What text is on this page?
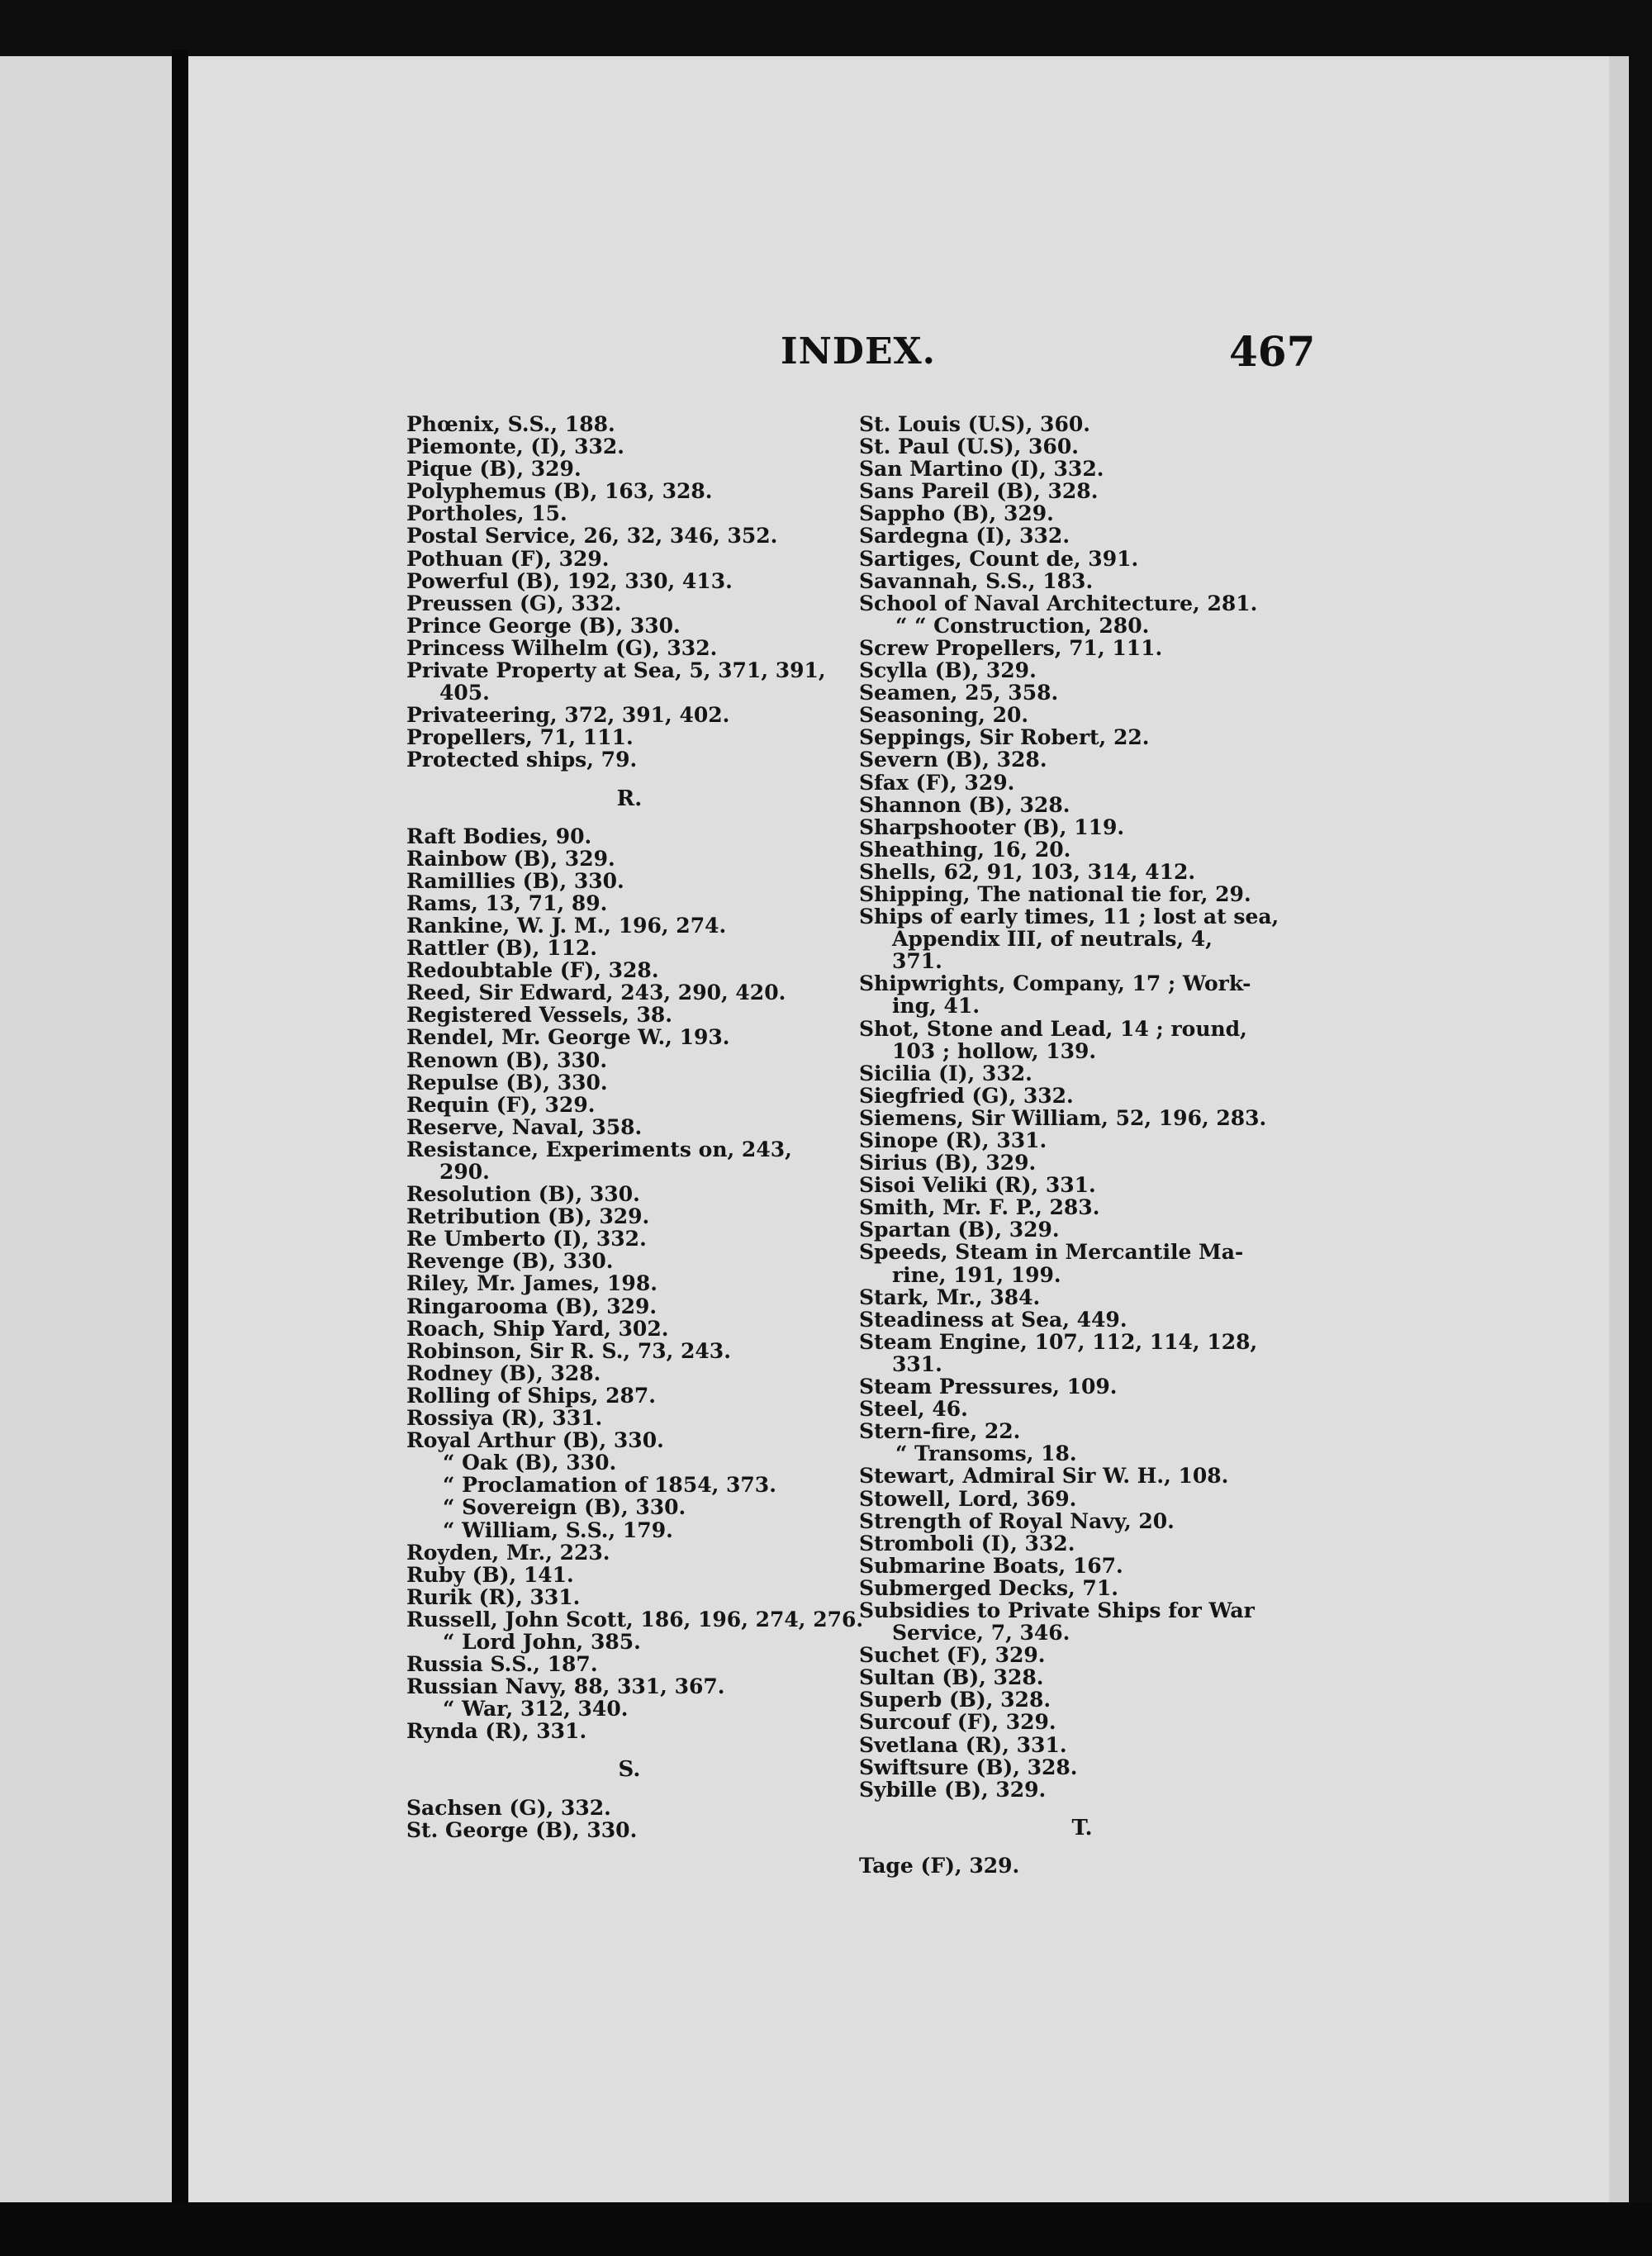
INDEX.	467
Phœnix, S.S., 188.
Piemonte, (I), 332.
Pique (B), 329.
Polyphemus (B), 163, 328.
Portholes, 15.
Postal Service, 26, 32, 346, 352.
Pothuan (F), 329.
Powerful (B), 192, 330, 413.
Preussen (G), 332.
Prince George (B), 330.
Princess Wilhelm (G), 332.
Private Property at Sea, 5, 371, 391,
405.
Privateering, 372, 391, 402.
Propellers, 71, 111.
Protected ships, 79.
R.
Raft Bodies, 90.
Rainbow (B), 329.
Ramillies (B), 330.
Rams, 13, 71, 89.
Rankine, W. J. M., 196, 274.
Rattler (B), 112.
Redoubtable (F), 328.
Reed, Sir Edward, 243, 290, 420.
Registered Vessels, 38.
Rendel, Mr. George W., 193.
Renown (B), 330.
Repulse (B), 330.
Requin (F), 329.
Reserve, Naval, 358.
Resistance, Experiments on, 243,
290.
Resolution (B), 330.
Retribution (B), 329.
Re Umberto (I), 332.
Revenge (B), 330.
Riley, Mr. James, 198.
Ringarooma (B), 329.
Roach, Ship Yard, 302.
Robinson, Sir R. S., 73, 243.
Rodney (B), 328.
Rolling of Ships, 287.
Rossiya (R), 331.
Royal Arthur (B), 330.
“ Oak (B), 330.
“ Proclamation of 1854, 373.
“ Sovereign (B), 330.
“ William, S.S., 179.
Royden, Mr., 223.
Ruby (B), 141.
Rurik (R), 331.
Russell, John Scott, 186, 196, 274, 276.
“ Lord John, 385.
Russia S.S., 187.
Russian Navy, 88, 331, 367.
“ War, 312, 340.
Rynda (R), 331.
S.
Sachsen (G), 332.
St. George (B), 330.
St. Louis (U.S), 360.
St. Paul (U.S), 360.
San Martino (I), 332.
Sans Pareil (B), 328.
Sappho (B), 329.
Sardegna (I), 332.
Sartiges, Count de, 391.
Savannah, S.S., 183.
School of Naval Architecture, 281.
“ “ Construction, 280.
Screw Propellers, 71, 111.
Scylla (B), 329.
Seamen, 25, 358.
Seasoning, 20.
Seppings, Sir Robert, 22.
Severn (B), 328.
Sfax (F), 329.
Shannon (B), 328.
Sharpshooter (B), 119.
Sheathing, 16, 20.
Shells, 62, 91, 103, 314, 412.
Shipping, The national tie for, 29.
Ships of early times, 11 ; lost at sea,
Appendix III, of neutrals, 4,
371.
Shipwrights, Company, 17 ; Work-
ing, 41.
Shot, Stone and Lead, 14 ; round,
103 ; hollow, 139.
Sicilia (I), 332.
Siegfried (G), 332.
Siemens, Sir William, 52, 196, 283.
Sinope (R), 331.
Sirius (B), 329.
Sisoi Veliki (R), 331.
Smith, Mr. F. P., 283.
Spartan (B), 329.
Speeds, Steam in Mercantile Ma-
rine, 191, 199.
Stark, Mr., 384.
Steadiness at Sea, 449.
Steam Engine, 107, 112, 114, 128,
331.
Steam Pressures, 109.
Steel, 46.
Stern-fire, 22.
“ Transoms, 18.
Stewart, Admiral Sir W. H., 108.
Stowell, Lord, 369.
Strength of Royal Navy, 20.
Stromboli (I), 332.
Submarine Boats, 167.
Submerged Decks, 71.
Subsidies to Private Ships for War
Service, 7, 346.
Suchet (F), 329.
Sultan (B), 328.
Superb (B), 328.
Surcouf (F), 329.
Svetlana (R), 331.
Swiftsure (B), 328.
Sybille (B), 329.
T.
Tage (F), 329.
